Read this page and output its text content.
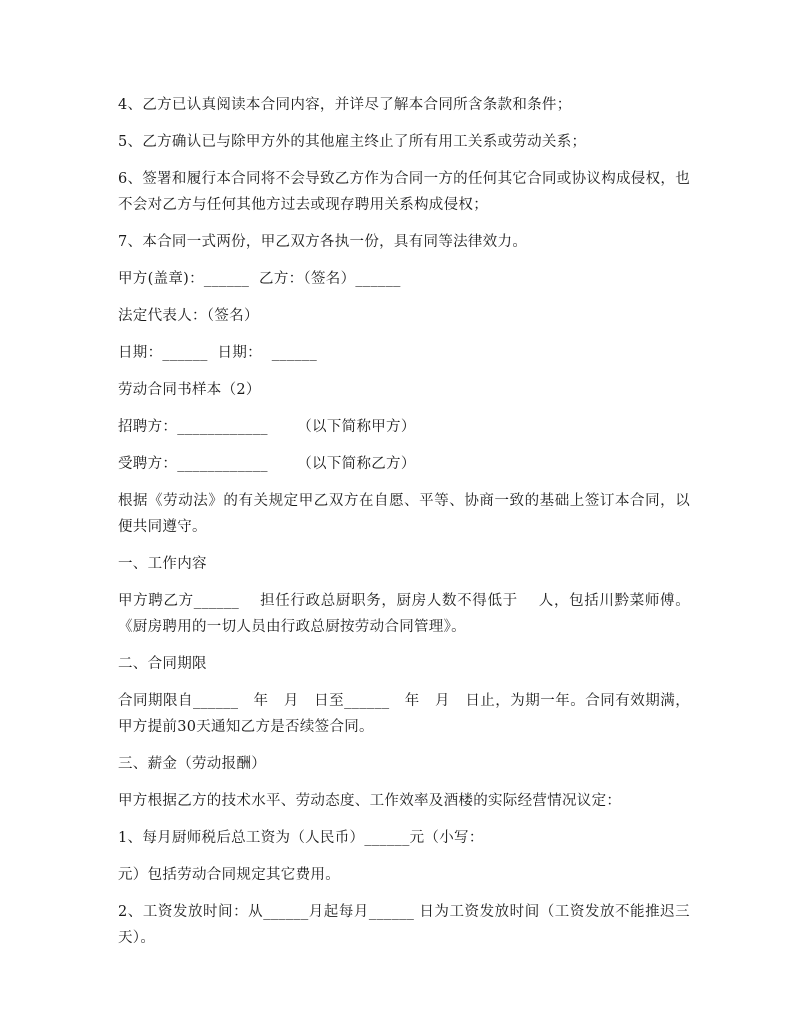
4、乙方已认真阅读本合同内容，并详尽了解本合同所含条款和条件；

5、乙方确认已与除甲方外的其他雇主终止了所有用工关系或劳动关系；

6、签署和履行本合同将不会导致乙方作为合同一方的任何其它合同或协议构成侵权，也不会对乙方与任何其他方过去或现存聘用关系构成侵权；

7、本合同一式两份，甲乙双方各执一份，具有同等法律效力。

甲方(盖章)：______  乙方：（签名）______

法定代表人：（签名）

日期：______  日期：  ______

劳动合同书样本（2）

招聘方：____________      （以下简称甲方）

受聘方：____________      （以下简称乙方）

根据《劳动法》的有关规定甲乙双方在自愿、平等、协商一致的基础上签订本合同，以便共同遵守。

一、工作内容

甲方聘乙方______    担任行政总厨职务，厨房人数不得低于    人，包括川黔菜师傅。《厨房聘用的一切人员由行政总厨按劳动合同管理》。

二、合同期限

合同期限自______   年   月   日至______   年   月   日止，为期一年。合同有效期满，甲方提前30天通知乙方是否续签合同。

三、薪金（劳动报酬）

甲方根据乙方的技术水平、劳动态度、工作效率及酒楼的实际经营情况议定：

1、每月厨师税后总工资为（人民币）______元（小写：

元）包括劳动合同规定其它费用。

2、工资发放时间：从______月起每月______ 日为工资发放时间（工资发放不能推迟三天）。
